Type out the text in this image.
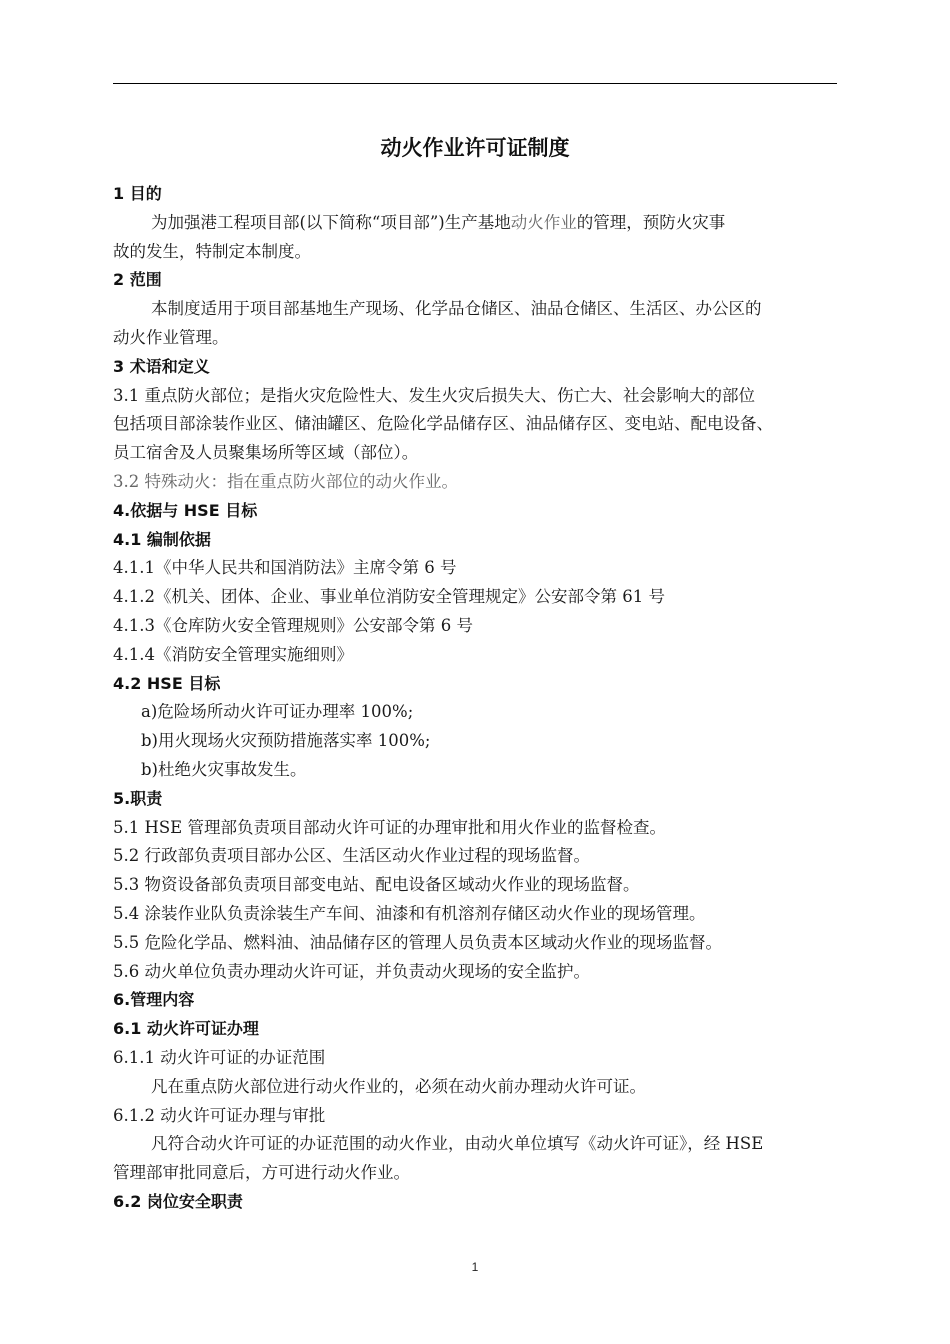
动火作业许可证制度
1 目的
为加强港工程项目部(以下简称“项目部”)生产基地动火作业的管理，预防火灾事
故的发生，特制定本制度。
2 范围
本制度适用于项目部基地生产现场、化学品仓储区、油品仓储区、生活区、办公区的
动火作业管理。
3 术语和定义
3.1 重点防火部位；是指火灾危险性大、发生火灾后损失大、伤亡大、社会影响大的部位
包括项目部涂装作业区、储油罐区、危险化学品储存区、油品储存区、变电站、配电设备、
员工宿舍及人员聚集场所等区域（部位）。
3.2 特殊动火：指在重点防火部位的动火作业。
4.依据与 HSE 目标
4.1 编制依据
4.1.1《中华人民共和国消防法》主席令第 6 号
4.1.2《机关、团体、企业、事业单位消防安全管理规定》公安部令第 61 号
4.1.3《仓库防火安全管理规则》公安部令第 6 号
4.1.4《消防安全管理实施细则》
4.2 HSE 目标
a)危险场所动火许可证办理率 100%;
b)用火现场火灾预防措施落实率 100%;
b)杜绝火灾事故发生。
5.职责
5.1 HSE 管理部负责项目部动火许可证的办理审批和用火作业的监督检查。
5.2 行政部负责项目部办公区、生活区动火作业过程的现场监督。
5.3 物资设备部负责项目部变电站、配电设备区域动火作业的现场监督。
5.4 涂装作业队负责涂装生产车间、油漆和有机溶剂存储区动火作业的现场管理。
5.5 危险化学品、燃料油、油品储存区的管理人员负责本区域动火作业的现场监督。
5.6 动火单位负责办理动火许可证，并负责动火现场的安全监护。
6.管理内容
6.1 动火许可证办理
6.1.1 动火许可证的办证范围
凡在重点防火部位进行动火作业的，必须在动火前办理动火许可证。
6.1.2 动火许可证办理与审批
凡符合动火许可证的办证范围的动火作业，由动火单位填写《动火许可证》，经 HSE
管理部审批同意后，方可进行动火作业。
6.2 岗位安全职责
1
